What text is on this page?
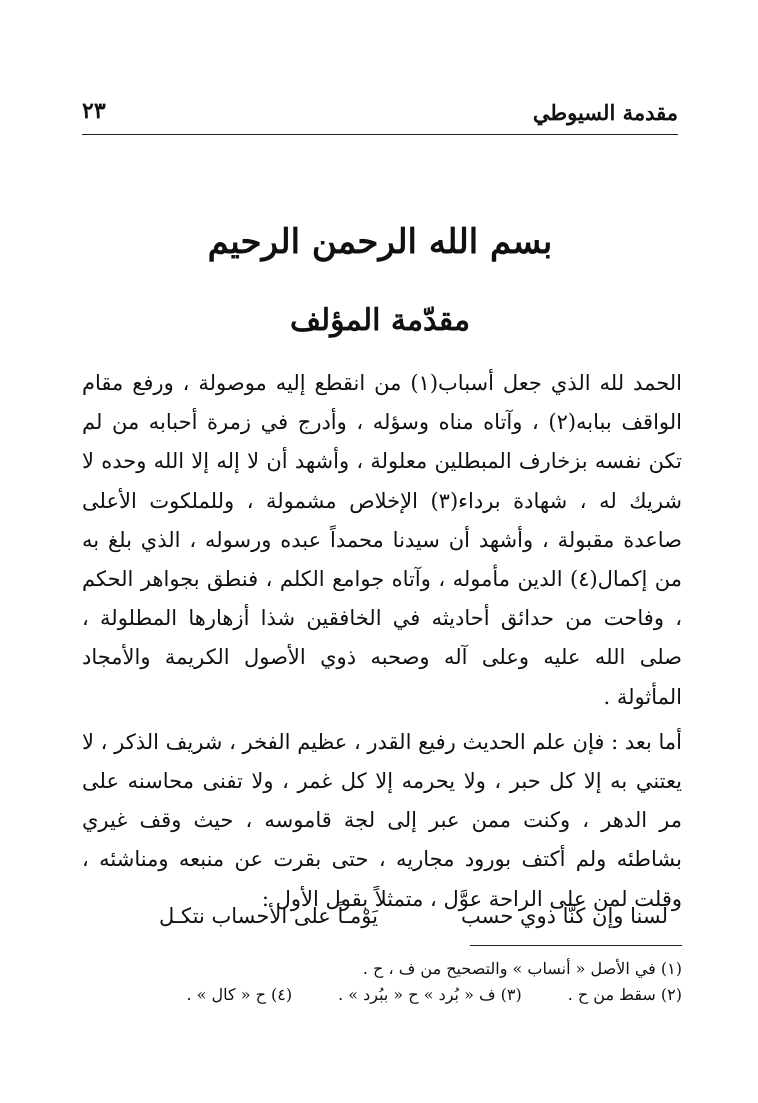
مقدمة السيوطي
٢٣
بسم الله الرحمن الرحيم
مقدّمة المؤلف

الحمد لله الذي جعل أسباب(١) من انقطع إليه موصولة ، ورفع مقام الواقف ببابه(٢) ، وآتاه مناه وسؤله ، وأدرج في زمرة أحبابه من لم تكن نفسه بزخارف المبطلين معلولة ، وأشهد أن لا إله إلا الله وحده لا شريك له ، شهادة برداء(٣) الإخلاص مشمولة ، وللملكوت الأعلى صاعدة مقبولة ، وأشهد أن سيدنا محمداً عبده ورسوله ، الذي بلغ به من إكمال(٤) الدين مأموله ، وآتاه جوامع الكلم ، فنطق بجواهر الحكم ، وفاحت من حدائق أحاديثه في الخافقين شذا أزهارها المطلولة ، صلى الله عليه وعلى آله وصحبه ذوي الأصول الكريمة والأمجاد المأثولة .

أما بعد : فإن علم الحديث رفيع القدر ، عظيم الفخر ، شريف الذكر ، لا يعتني به إلا كل حبر ، ولا يحرمه إلا كل غمر ، ولا تفنى محاسنه على مر الدهر ، وكنت ممن عبر إلى لجة قاموسه ، حيث وقف غيري بشاطئه ولم أكتف بورود مجاريه ، حتى بقرت عن منبعه ومناشئه ، وقلت لمن على الراحة عوَّل ، متمثلاً بقول الأول :

لسنا وإن كنَّا ذوي حسب
يَوْمـاً على الأحساب نتكـل
(١) في الأصل « أنساب » والتصحيح من ف ، ح .
(٢) سقط من ح .(٣) ف « بُرد » ح « ببُرد » .(٤) ح « كال » .
